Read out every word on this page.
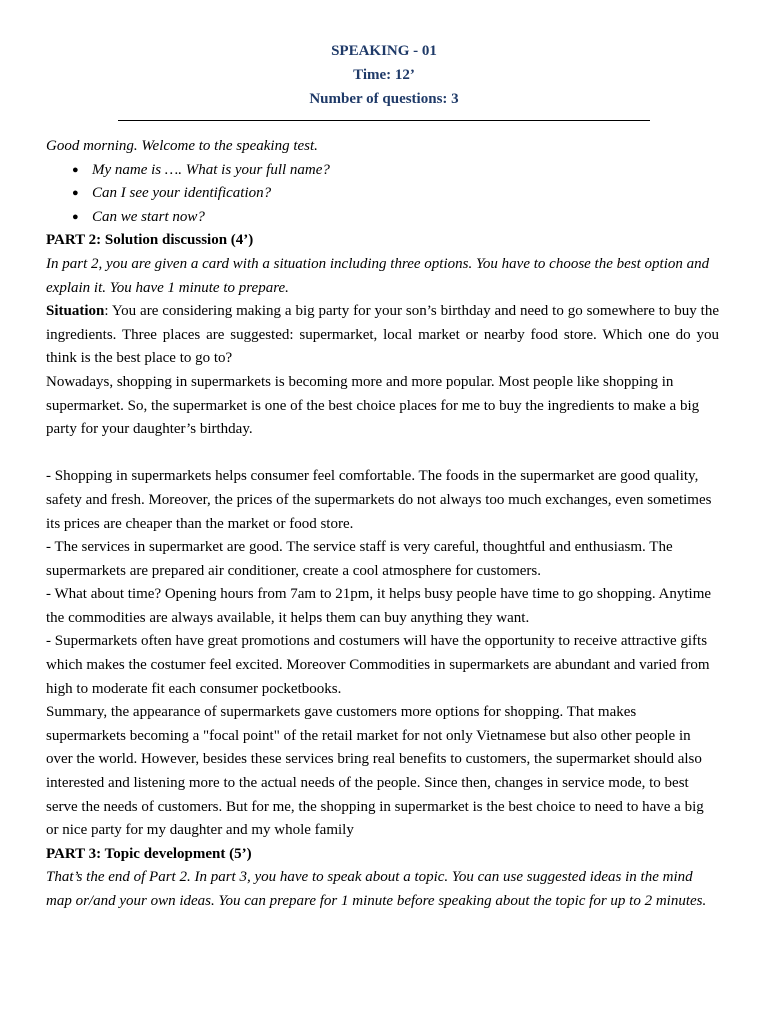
SPEAKING - 01
Time: 12’
Number of questions: 3

Good morning. Welcome to the speaking test.

● My name is …. What is your full name?
● Can I see your identification?
● Can we start now?

PART 2: Solution discussion (4’)

In part 2, you are given a card with a situation including three options. You have to choose the best option and explain it. You have 1 minute to prepare.

Situation: You are considering making a big party for your son’s birthday and need to go somewhere to buy the ingredients. Three places are suggested: supermarket, local market or nearby food store. Which one do you think is the best place to go to?

Nowadays, shopping in supermarkets is becoming more and more popular. Most people like shopping in supermarket. So, the supermarket is one of the best choice places for me to buy the ingredients to make a big party for your daughter’s birthday.

- Shopping in supermarkets helps consumer feel comfortable. The foods in the supermarket are good quality, safety and fresh. Moreover, the prices of the supermarkets do not always too much exchanges, even sometimes its prices are cheaper than the market or food store.

- The services in supermarket are good. The service staff is very careful, thoughtful and enthusiasm. The supermarkets are prepared air conditioner, create a cool atmosphere for customers.

- What about time? Opening hours from 7am to 21pm, it helps busy people have time to go shopping. Anytime the commodities are always available, it helps them can buy anything they want.

- Supermarkets often have great promotions and costumers will have the opportunity to receive attractive gifts which makes the costumer feel excited. Moreover Commodities in supermarkets are abundant and varied from high to moderate fit each consumer pocketbooks.

Summary, the appearance of supermarkets gave customers more options for shopping. That makes supermarkets becoming a "focal point" of the retail market for not only Vietnamese but also other people in over the world. However, besides these services bring real benefits to customers, the supermarket should also interested and listening more to the actual needs of the people. Since then, changes in service mode, to best serve the needs of customers. But for me, the shopping in supermarket is the best choice to need to have a big or nice party for my daughter and my whole family

PART 3: Topic development (5’)

That’s the end of Part 2. In part 3, you have to speak about a topic. You can use suggested ideas in the mind map or/and your own ideas. You can prepare for 1 minute before speaking about the topic for up to 2 minutes.
